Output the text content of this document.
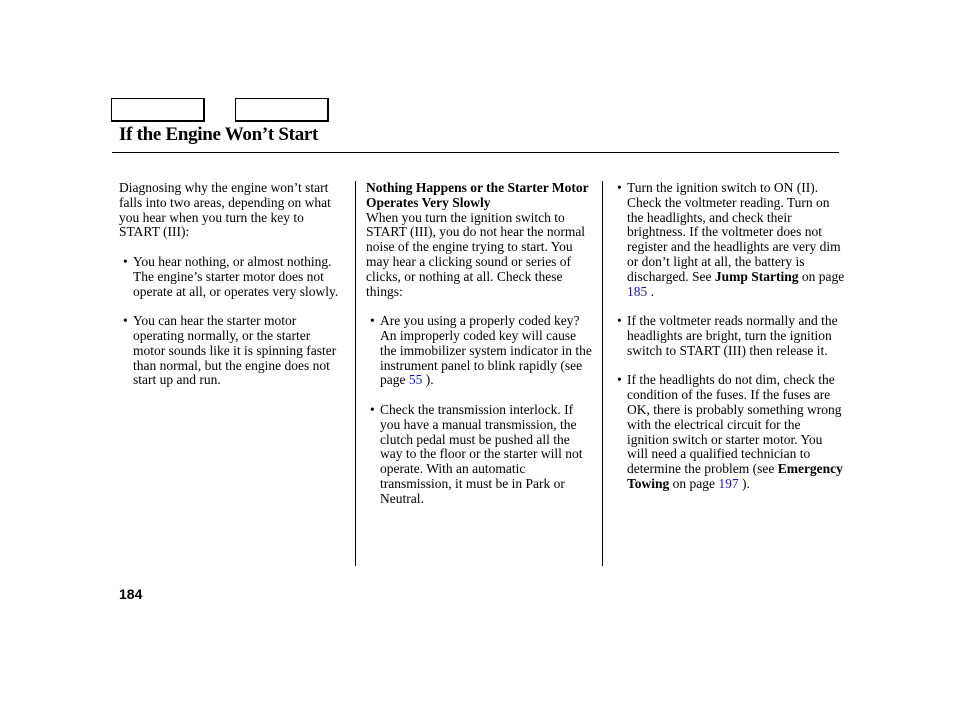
If the Engine Won’t Start

Diagnosing why the engine won’t start falls into two areas, depending on what you hear when you turn the key to START (III):

• You hear nothing, or almost nothing. The engine’s starter motor does not operate at all, or operates very slowly.

• You can hear the starter motor operating normally, or the starter motor sounds like it is spinning faster than normal, but the engine does not start up and run.

Nothing Happens or the Starter Motor Operates Very Slowly

When you turn the ignition switch to START (III), you do not hear the normal noise of the engine trying to start. You may hear a clicking sound or series of clicks, or nothing at all. Check these things:

• Are you using a properly coded key? An improperly coded key will cause the immobilizer system indicator in the instrument panel to blink rapidly (see page 55 ).

• Check the transmission interlock. If you have a manual transmission, the clutch pedal must be pushed all the way to the floor or the starter will not operate. With an automatic transmission, it must be in Park or Neutral.

• Turn the ignition switch to ON (II). Check the voltmeter reading. Turn on the headlights, and check their brightness. If the voltmeter does not register and the headlights are very dim or don’t light at all, the battery is discharged. See Jump Starting on page 185 .

• If the voltmeter reads normally and the headlights are bright, turn the ignition switch to START (III) then release it.

• If the headlights do not dim, check the condition of the fuses. If the fuses are OK, there is probably something wrong with the electrical circuit for the ignition switch or starter motor. You will need a qualified technician to determine the problem (see Emergency Towing on page 197 ).

184
